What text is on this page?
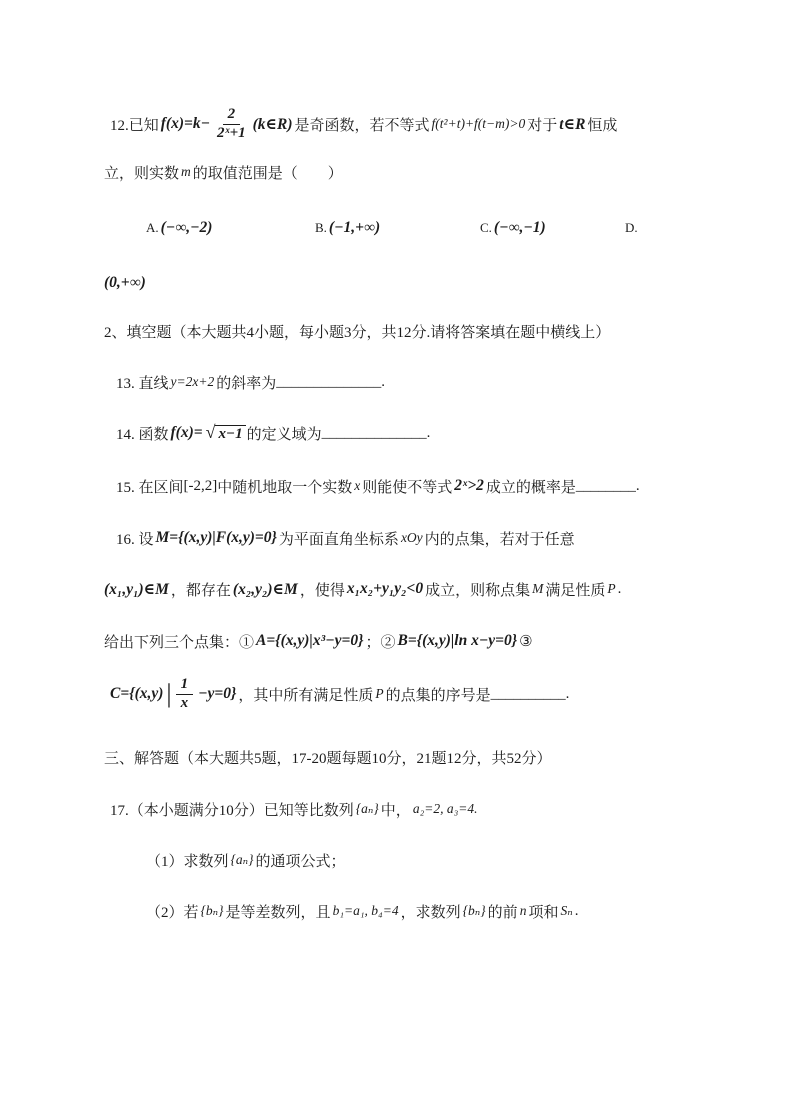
12.已知 $f(x)=k- \frac{2}{\text{2ˣ+1}}$ (k∈R) 是奇函数，若不等式 f(t²+t)+f(t−m)>0 对于 t∈R 恒成
立，则实数 m 的取值范围是（　　）
A. (−∞,−2)	B. (−1,+∞)	C. (−∞,−1)	D.
(0,+∞)
2、填空题（本大题共4小题，每小题3分，共12分.请将答案填在题中横线上）
13. 直线 y=2x+2 的斜率为 ______________.
14. 函数 f(x)= √ x−1 的定义域为 ______________.
15. 在区间 [-2,2] 中随机地取一个实数 x 则能使不等式 2ˣ>2 成立的概率是 ________.
16. 设 M={(x,y)|F(x,y)=0} 为平面直角坐标系 xOy 内的点集，若对于任意
(x₁,y₁)∈M ，都存在 (x₂,y₂)∈M ，使得 x₁x₂+y₁y₂<0 成立，则称点集 M 满足性质 P .
给出下列三个点集：① A={(x,y)|x³−y=0} ；② B={(x,y)|ln x−y=0} ③
C={(x,y) | $\frac{1}{x} -y=0$} ，其中所有满足性质 P 的点集的序号是 __________.
三、解答题（本大题共5题，17-20题每题10分，21题12分，共52分）
17.（本小题满分10分）已知等比数列 {aₙ} 中， a₂=2, a₃=4.
（1）求数列 {aₙ} 的通项公式；
（2）若 {bₙ} 是等差数列，且 b₁=a₁, b₄=4 ，求数列 {bₙ} 的前 n 项和 Sₙ .
